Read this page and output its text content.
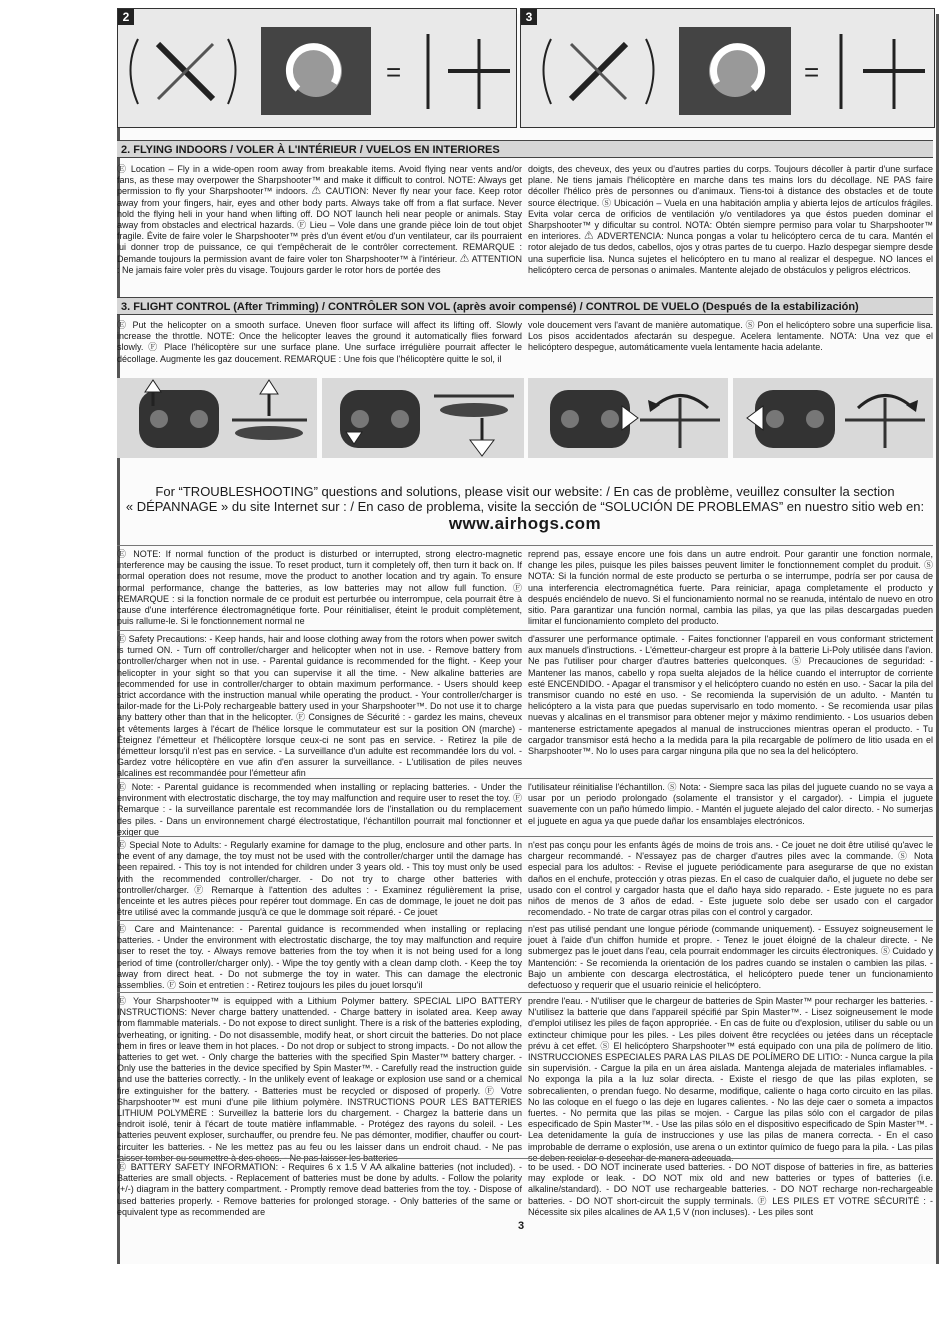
2
=
3
=
2. FLYING INDOORS / VOLER À L'INTÉRIEUR / VUELOS EN INTERIORES
Ⓔ Location – Fly in a wide-open room away from breakable items. Avoid flying near vents and/or fans, as these may overpower the Sharpshooter™ and make it difficult to control. NOTE: Always get permission to fly your Sharpshooter™ indoors. ⚠ CAUTION: Never fly near your face. Keep rotor away from your fingers, hair, eyes and other body parts. Always take off from a flat surface. Never hold the flying heli in your hand when lifting off. DO NOT launch heli near people or animals. Stay away from obstacles and electrical hazards. Ⓕ Lieu – Vole dans une grande pièce loin de tout objet fragile. Évite de faire voler le Sharpshooter™ près d'un évent et/ou d'un ventilateur, car ils pourraient lui donner trop de puissance, ce qui t'empêcherait de le contrôler correctement. REMARQUE : Demande toujours la permission avant de faire voler ton Sharpshooter™ à l'intérieur. ⚠ ATTENTION : Ne jamais faire voler près du visage. Toujours garder le rotor hors de portée des
doigts, des cheveux, des yeux ou d'autres parties du corps. Toujours décoller à partir d'une surface plane. Ne tiens jamais l'hélicoptère en marche dans tes mains lors du décollage. NE PAS faire décoller l'hélico près de personnes ou d'animaux. Tiens-toi à distance des obstacles et de toute source électrique. Ⓢ Ubicación – Vuela en una habitación amplia y abierta lejos de artículos frágiles. Evita volar cerca de orificios de ventilación y/o ventiladores ya que éstos pueden dominar el Sharpshooter™ y dificultar su control. NOTA: Obtén siempre permiso para volar tu Sharpshooter™ en interiores. ⚠ ADVERTENCIA: Nunca pongas a volar tu helicóptero cerca de tu cara. Mantén el rotor alejado de tus dedos, cabellos, ojos y otras partes de tu cuerpo. Hazlo despegar siempre desde una superficie lisa. Nunca sujetes el helicóptero en tu mano al realizar el despegue. NO lances el helicóptero cerca de personas o animales. Mantente alejado de obstáculos y peligros eléctricos.
3. FLIGHT CONTROL (After Trimming) / CONTRÔLER SON VOL (après avoir compensé) / CONTROL DE VUELO (Después de la estabilización)
Ⓔ Put the helicopter on a smooth surface. Uneven floor surface will affect its lifting off. Slowly increase the throttle. NOTE: Once the helicopter leaves the ground it automatically flies forward slowly. Ⓕ Place l'hélicoptère sur une surface plane. Une surface irrégulière pourrait affecter le décollage. Augmente les gaz doucement. REMARQUE : Une fois que l'hélicoptère quitte le sol, il
vole doucement vers l'avant de manière automatique. Ⓢ Pon el helicóptero sobre una superficie lisa. Los pisos accidentados afectarán su despegue. Acelera lentamente. NOTA: Una vez que el helicóptero despegue, automáticamente vuela lentamente hacia adelante.
For “TROUBLESHOOTING” questions and solutions, please visit our website: / En cas de problème, veuillez consulter la section
« DÉPANNAGE » du site Internet sur : / En caso de problema, visite la sección de “SOLUCIÓN DE PROBLEMAS” en nuestro sitio web en:
www.airhogs.com
Ⓔ NOTE: If normal function of the product is disturbed or interrupted, strong electro-magnetic interference may be causing the issue. To reset product, turn it completely off, then turn it back on. If normal operation does not resume, move the product to another location and try again. To ensure normal performance, change the batteries, as low batteries may not allow full function. Ⓕ REMARQUE : si la fonction normale de ce produit est perturbée ou interrompue, cela pourrait être à cause d'une interférence électromagnétique forte. Pour réinitialiser, éteint le produit complètement, puis rallume-le. Si le fonctionnement normal ne
reprend pas, essaye encore une fois dans un autre endroit. Pour garantir une fonction normale, change les piles, puisque les piles baisses peuvent limiter le fonctionnement complet du produit. Ⓢ NOTA: Si la función normal de este producto se perturba o se interrumpe, podría ser por causa de una interferencia electromagnética fuerte. Para reiniciar, apaga completamente el producto y después enciéndelo de nuevo. Si el funcionamiento normal no se reanuda, inténtalo de nuevo en otro sitio. Para garantizar una función normal, cambia las pilas, ya que las pilas descargadas pueden limitar el funcionamiento completo del producto.
Ⓔ Safety Precautions: - Keep hands, hair and loose clothing away from the rotors when power switch is turned ON. - Turn off controller/charger and helicopter when not in use. - Remove battery from controller/charger when not in use. - Parental guidance is recommended for the flight. - Keep your helicopter in your sight so that you can supervise it all the time. - New alkaline batteries are recommended for use in controller/charger to obtain maximum performance. - Users should keep strict accordance with the instruction manual while operating the product. - Your controller/charger is tailor-made for the Li-Poly rechargeable battery used in your Sharpshooter™. Do not use it to charge any battery other than that in the helicopter. Ⓕ Consignes de Sécurité : - gardez les mains, cheveux et vêtements larges à l'écart de l'hélice lorsque le commutateur est sur la position ON (marche) - Éteignez l'émetteur et l'hélicoptère lorsque ceux-ci ne sont pas en service. - Retirez la pile de l'émetteur lorsqu'il n'est pas en service. - La surveillance d'un adulte est recommandée lors du vol. - Gardez votre hélicoptère en vue afin d'en assurer la surveillance. - L'utilisation de piles neuves alcalines est recommandée pour l'émetteur afin
d'assurer une performance optimale. - Faites fonctionner l'appareil en vous conformant strictement aux manuels d'instructions. - L'émetteur-chargeur est propre à la batterie Li-Poly utilisée dans l'avion. Ne pas l'utiliser pour charger d'autres batteries quelconques. Ⓢ Precauciones de seguridad: - Mantener las manos, cabello y ropa suelta alejados de la hélice cuando el interruptor de corriente esté ENCENDIDO. - Apagar el transmisor y el helicóptero cuando no estén en uso. - Sacar la pila del transmisor cuando no esté en uso. - Se recomienda la supervisión de un adulto. - Mantén tu helicóptero a la vista para que puedas supervisarlo en todo momento. - Se recomienda usar pilas nuevas y alcalinas en el transmisor para obtener mejor y máximo rendimiento. - Los usuarios deben mantenerse estrictamente apegados al manual de instrucciones mientras operan el producto. - Tu cargador transmisor está hecho a la medida para la pila recargable de polímero de litio usada en el Sharpshooter™. No lo uses para cargar ninguna pila que no sea la del helicóptero.
Ⓔ Note: - Parental guidance is recommended when installing or replacing batteries. - Under the environment with electrostatic discharge, the toy may malfunction and require user to reset the toy. Ⓕ Remarque : - la surveillance parentale est recommandée lors de l'installation ou du remplacement des piles. - Dans un environnement chargé électrostatique, l'échantillon pourrait mal fonctionner et exiger que
l'utilisateur réinitialise l'échantillon. Ⓢ Nota: - Siempre saca las pilas del juguete cuando no se vaya a usar por un periodo prolongado (solamente el transistor y el cargador). - Limpia el juguete suavemente con un paño húmedo limpio. - Mantén el juguete alejado del calor directo. - No sumerjas el juguete en agua ya que puede dañar los ensamblajes electrónicos.
Ⓔ Special Note to Adults: - Regularly examine for damage to the plug, enclosure and other parts. In the event of any damage, the toy must not be used with the controller/charger until the damage has been repaired. - This toy is not intended for children under 3 years old. - This toy must only be used with the recommended controller/charger. - Do not try to charge other batteries with controller/charger. Ⓕ Remarque à l'attention des adultes : - Examinez régulièrement la prise, l'enceinte et les autres pièces pour repérer tout dommage. En cas de dommage, le jouet ne doit pas être utilisé avec la commande jusqu'à ce que le dommage soit réparé. - Ce jouet
n'est pas conçu pour les enfants âgés de moins de trois ans. - Ce jouet ne doit être utilisé qu'avec le chargeur recommandé. - N'essayez pas de charger d'autres piles avec la commande. Ⓢ Nota especial para los adultos: - Revise el juguete periódicamente para asegurarse de que no existan daños en el enchufe, protección y otras piezas. En el caso de cualquier daño, el juguete no debe ser usado con el control y cargador hasta que el daño haya sido reparado. - Este juguete no es para niños de menos de 3 años de edad. - Este juguete solo debe ser usado con el cargador recomendado. - No trate de cargar otras pilas con el control y cargador.
Ⓔ Care and Maintenance: - Parental guidance is recommended when installing or replacing batteries. - Under the environment with electrostatic discharge, the toy may malfunction and require user to reset the toy. - Always remove batteries from the toy when it is not being used for a long period of time (controller/charger only). - Wipe the toy gently with a clean damp cloth. - Keep the toy away from direct heat. - Do not submerge the toy in water. This can damage the electronic assemblies. Ⓕ Soin et entretien : - Retirez toujours les piles du jouet lorsqu'il
n'est pas utilisé pendant une longue période (commande uniquement). - Essuyez soigneusement le jouet à l'aide d'un chiffon humide et propre. - Tenez le jouet éloigné de la chaleur directe. - Ne submergez pas le jouet dans l'eau, cela pourrait endommager les circuits électroniques. Ⓢ Cuidado y Mantención: - Se recomienda la orientación de los padres cuando se instalen o cambien las pilas. - Bajo un ambiente con descarga electrostática, el helicóptero puede tener un funcionamiento defectuoso y requerir que el usuario reinicie el helicóptero.
Ⓔ Your Sharpshooter™ is equipped with a Lithium Polymer battery. SPECIAL LIPO BATTERY INSTRUCTIONS: Never charge battery unattended. - Charge battery in isolated area. Keep away from flammable materials. - Do not expose to direct sunlight. There is a risk of the batteries exploding, overheating, or igniting. - Do not disassemble, modify heat, or short circuit the batteries. Do not place them in fires or leave them in hot places. - Do not drop or subject to strong impacts. - Do not allow the batteries to get wet. - Only charge the batteries with the specified Spin Master™ battery charger. - Only use the batteries in the device specified by Spin Master™. - Carefully read the instruction guide and use the batteries correctly. - In the unlikely event of leakage or explosion use sand or a chemical fire extinguisher for the battery. - Batteries must be recycled or disposed of properly. Ⓕ Votre Sharpshooter™ est muni d'une pile lithium polymère. INSTRUCTIONS POUR LES BATTERIES LITHIUM POLYMÈRE : Surveillez la batterie lors du chargement. - Chargez la batterie dans un endroit isolé, tenir à l'écart de toute matière inflammable. - Protégez des rayons du soleil. - Les batteries peuvent exploser, surchauffer, ou prendre feu. Ne pas démonter, modifier, chauffer ou court-circuiter les batteries. - Ne les mettez pas au feu ou les laisser dans un endroit chaud. - Ne pas laisser tomber ou soumettre à des chocs. - Ne pas laisser les batteries
prendre l'eau. - N'utiliser que le chargeur de batteries de Spin Master™ pour recharger les batteries. - N'utilisez la batterie que dans l'appareil spécifié par Spin Master™. - Lisez soigneusement le mode d'emploi utilisez les piles de façon appropriée. - En cas de fuite ou d'explosion, utiliser du sable ou un extincteur chimique pour les piles. - Les piles doivent être recyclées ou jetées dans un réceptacle prévu à cet effet. Ⓢ El helicóptero Sharpshooter™ está equipado con una pila de polímero de litio. INSTRUCCIONES ESPECIALES PARA LAS PILAS DE POLÍMERO DE LITIO: - Nunca cargue la pila sin supervisión. - Cargue la pila en un área aislada. Mantenga alejada de materiales inflamables. - No exponga la pila a la luz solar directa. - Existe el riesgo de que las pilas exploten, se sobrecalienten, o prendan fuego. No desarme, modifique, caliente o haga corto circuito en las pilas. No las coloque en el fuego o las deje en lugares calientes. - No las deje caer o someta a impactos fuertes. - No permita que las pilas se mojen. - Cargue las pilas sólo con el cargador de pilas especificado de Spin Master™. - Use las pilas sólo en el dispositivo especificado de Spin Master™. - Lea detenidamente la guía de instrucciones y use las pilas de manera correcta. - En el caso improbable de derrame o explosión, use arena o un extintor químico de fuego para la pila. - Las pilas se deben reciclar o desechar de manera adecuada.
Ⓔ BATTERY SAFETY INFORMATION: - Requires 6 x 1.5 V AA alkaline batteries (not included). - Batteries are small objects. - Replacement of batteries must be done by adults. - Follow the polarity (+/-) diagram in the battery compartment. - Promptly remove dead batteries from the toy. - Dispose of used batteries properly. - Remove batteries for prolonged storage. - Only batteries of the same or equivalent type as recommended are
to be used. - DO NOT incinerate used batteries. - DO NOT dispose of batteries in fire, as batteries may explode or leak. - DO NOT mix old and new batteries or types of batteries (i.e. alkaline/standard). - DO NOT use rechargeable batteries. - DO NOT recharge non-rechargeable batteries. - DO NOT short-circuit the supply terminals. Ⓕ LES PILES ET VOTRE SÉCURITÉ : - Nécessite six piles alcalines de AA 1,5 V (non incluses). - Les piles sont
3
